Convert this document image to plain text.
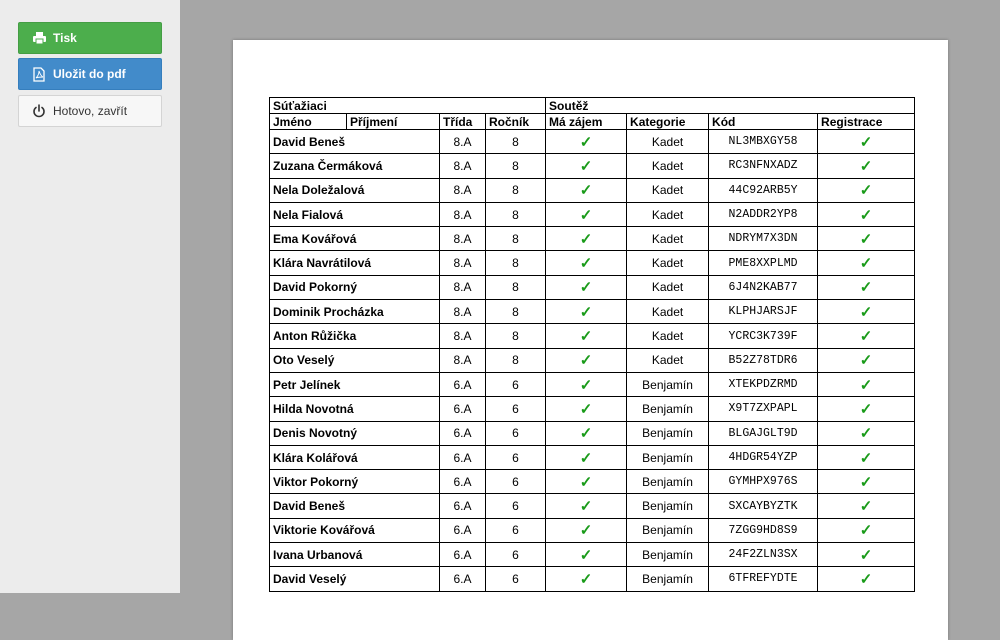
Tisk
Uložit do pdf
Hotovo, zavřít	Súťažiaci				Soutěž			
Jméno	Příjmení	Třída	Ročník	Má zájem	Kategorie	Kód	Registrace
David Beneš		8.A	8	✓	Kadet	NL3MBXGY58	✓
Zuzana Čermáková		8.A	8	✓	Kadet	RC3NFNXADZ	✓
Nela Doležalová		8.A	8	✓	Kadet	44C92ARB5Y	✓
Nela Fialová		8.A	8	✓	Kadet	N2ADDR2YP8	✓
Ema Kovářová		8.A	8	✓	Kadet	NDRYM7X3DN	✓
Klára Navrátilová		8.A	8	✓	Kadet	PME8XXPLMD	✓
David Pokorný		8.A	8	✓	Kadet	6J4N2KAB77	✓
Dominik Procházka		8.A	8	✓	Kadet	KLPHJARSJF	✓
Anton Růžička		8.A	8	✓	Kadet	YCRC3K739F	✓
Oto Veselý		8.A	8	✓	Kadet	B52Z78TDR6	✓
Petr Jelínek		6.A	6	✓	Benjamín	XTEKPDZRMD	✓
Hilda Novotná		6.A	6	✓	Benjamín	X9T7ZXPAPL	✓
Denis Novotný		6.A	6	✓	Benjamín	BLGAJGLT9D	✓
Klára Kolářová		6.A	6	✓	Benjamín	4HDGR54YZP	✓
Viktor Pokorný		6.A	6	✓	Benjamín	GYMHPX976S	✓
David Beneš		6.A	6	✓	Benjamín	SXCAYBYZTK	✓
Viktorie Kovářová		6.A	6	✓	Benjamín	7ZGG9HD8S9	✓
Ivana Urbanová		6.A	6	✓	Benjamín	24F2ZLN3SX	✓
David Veselý		6.A	6	✓	Benjamín	6TFREFYDTE	✓
